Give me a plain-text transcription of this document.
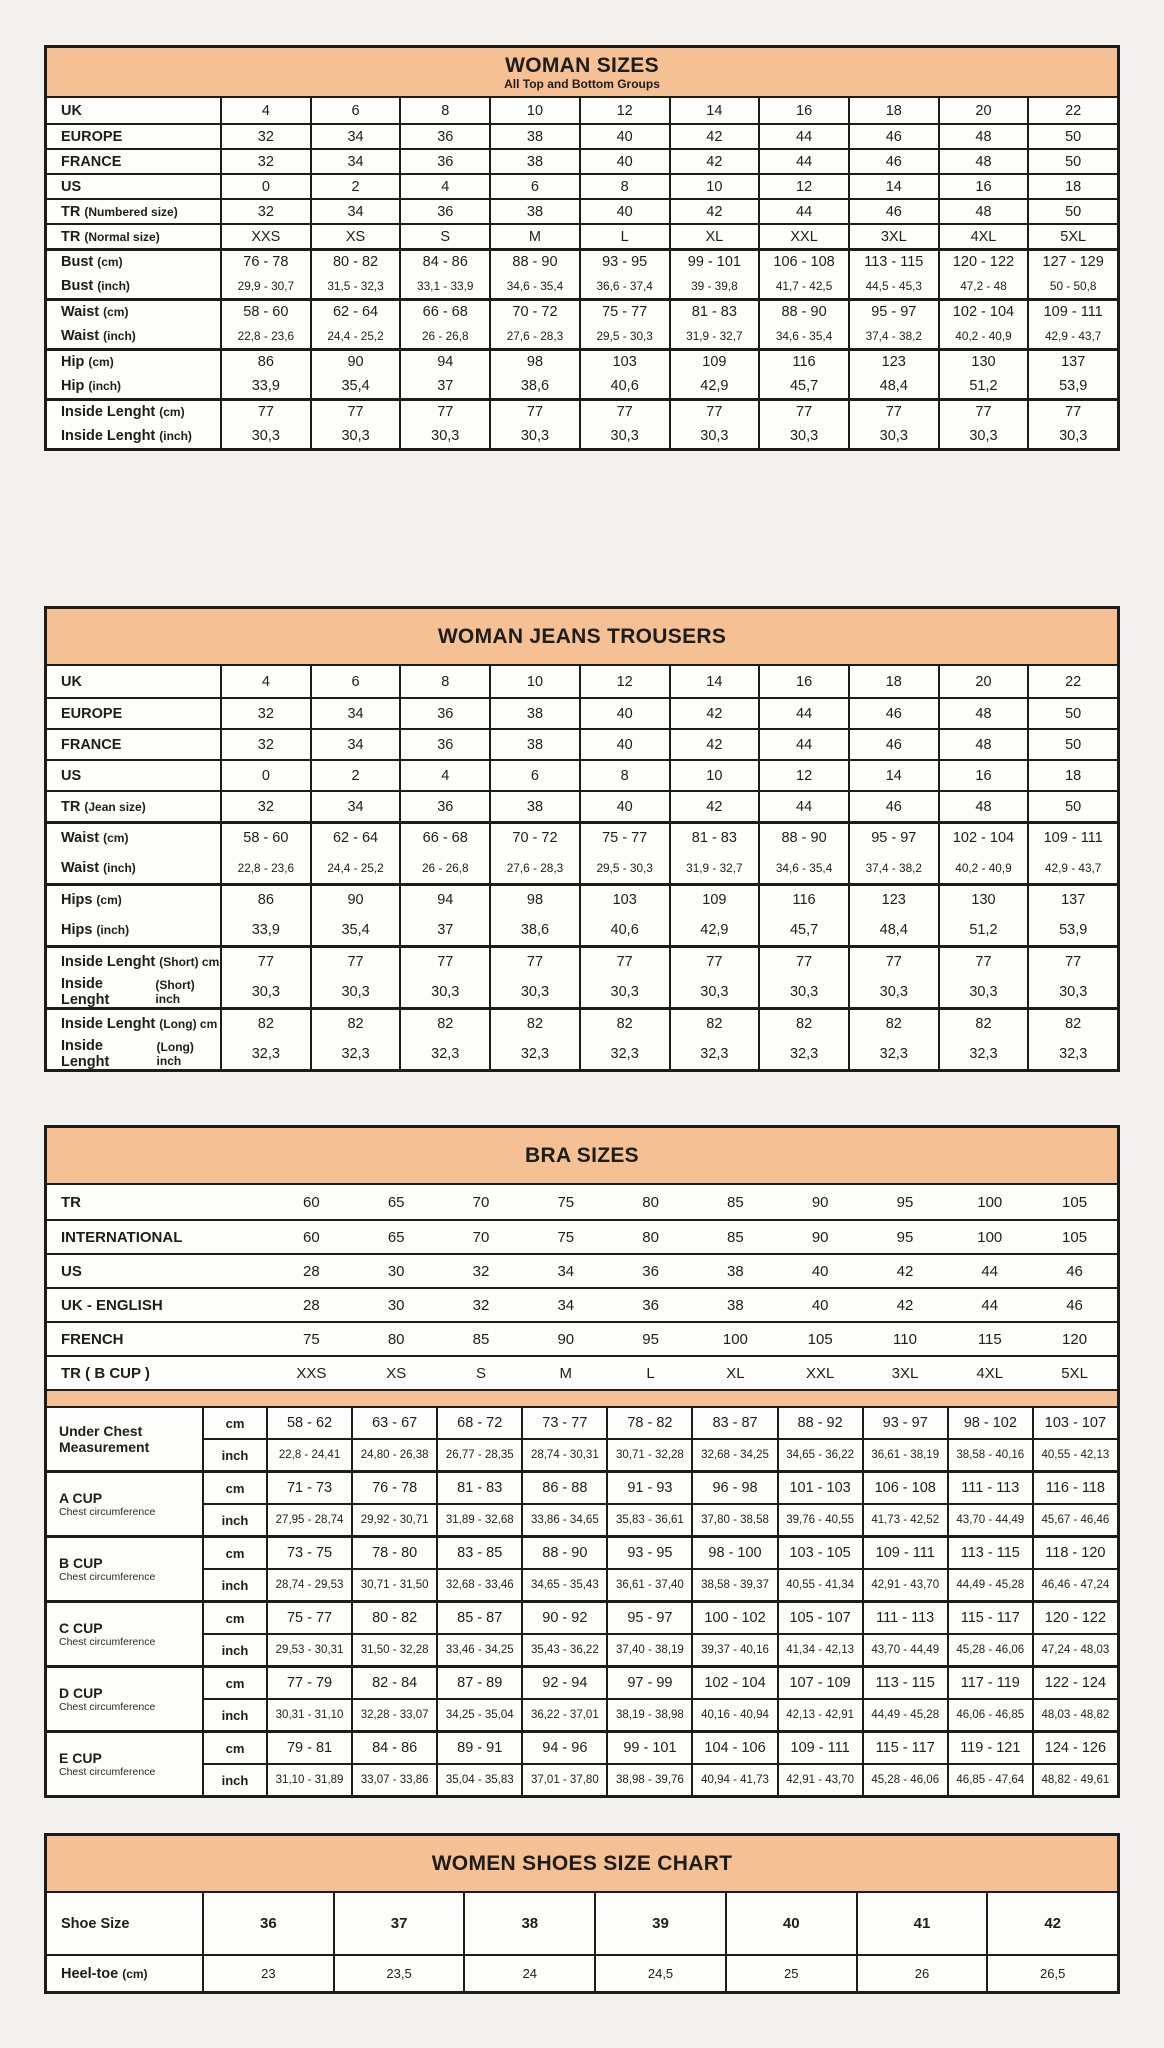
WOMAN SIZES
All Top and Bottom Groups
UK	4	6	8	10	12	14	16	18	20	22
EUROPE	32	34	36	38	40	42	44	46	48	50
FRANCE	32	34	36	38	40	42	44	46	48	50
US	0	2	4	6	8	10	12	14	16	18
TR (Numbered size)	32	34	36	38	40	42	44	46	48	50
TR (Normal size)	XXS	XS	S	M	L	XL	XXL	3XL	4XL	5XL
Bust (cm)	76 - 78	80 - 82	84 - 86	88 - 90	93 - 95	99 - 101	106 - 108	113 - 115	120 - 122	127 - 129
Bust (inch)	29,9 - 30,7	31,5 - 32,3	33,1 - 33,9	34,6 - 35,4	36,6 - 37,4	39 - 39,8	41,7 - 42,5	44,5 - 45,3	47,2 - 48	50 - 50,8
Waist (cm)	58 - 60	62 - 64	66 - 68	70 - 72	75 - 77	81 - 83	88 - 90	95 - 97	102 - 104	109 - 111
Waist (inch)	22,8 - 23,6	24,4 - 25,2	26 - 26,8	27,6 - 28,3	29,5 - 30,3	31,9 - 32,7	34,6 - 35,4	37,4 - 38,2	40,2 - 40,9	42,9 - 43,7
Hip (cm)	86	90	94	98	103	109	116	123	130	137
Hip (inch)	33,9	35,4	37	38,6	40,6	42,9	45,7	48,4	51,2	53,9
Inside Lenght (cm)	77	77	77	77	77	77	77	77	77	77
Inside Lenght (inch)	30,3	30,3	30,3	30,3	30,3	30,3	30,3	30,3	30,3	30,3
WOMAN JEANS TROUSERS
UK	4	6	8	10	12	14	16	18	20	22
EUROPE	32	34	36	38	40	42	44	46	48	50
FRANCE	32	34	36	38	40	42	44	46	48	50
US	0	2	4	6	8	10	12	14	16	18
TR (Jean size)	32	34	36	38	40	42	44	46	48	50
Waist (cm)	58 - 60	62 - 64	66 - 68	70 - 72	75 - 77	81 - 83	88 - 90	95 - 97	102 - 104	109 - 111
Waist (inch)	22,8 - 23,6	24,4 - 25,2	26 - 26,8	27,6 - 28,3	29,5 - 30,3	31,9 - 32,7	34,6 - 35,4	37,4 - 38,2	40,2 - 40,9	42,9 - 43,7
Hips (cm)	86	90	94	98	103	109	116	123	130	137
Hips (inch)	33,9	35,4	37	38,6	40,6	42,9	45,7	48,4	51,2	53,9
Inside Lenght (Short) cm	77	77	77	77	77	77	77	77	77	77
Inside Lenght
(Short) inch	30,3	30,3	30,3	30,3	30,3	30,3	30,3	30,3	30,3	30,3
Inside Lenght (Long) cm	82	82	82	82	82	82	82	82	82	82
Inside Lenght
(Long) inch	32,3	32,3	32,3	32,3	32,3	32,3	32,3	32,3	32,3	32,3
BRA SIZES
TR	60	65	70	75	80	85	90	95	100	105
INTERNATIONAL	60	65	70	75	80	85	90	95	100	105
US	28	30	32	34	36	38	40	42	44	46
UK - ENGLISH	28	30	32	34	36	38	40	42	44	46
FRENCH	75	80	85	90	95	100	105	110	115	120
TR ( B CUP )	XXS	XS	S	M	L	XL	XXL	3XL	4XL	5XL
Under Chest Measurement
cm	58 - 62	63 - 67	68 - 72	73 - 77	78 - 82	83 - 87	88 - 92	93 - 97	98 - 102	103 - 107
inch	22,8 - 24,41	24,80 - 26,38	26,77 - 28,35	28,74 - 30,31	30,71 - 32,28	32,68 - 34,25	34,65 - 36,22	36,61 - 38,19	38,58 - 40,16	40,55 - 42,13
A CUP
Chest circumference
cm	71 - 73	76 - 78	81 - 83	86 - 88	91 - 93	96 - 98	101 - 103	106 - 108	111 - 113	116 - 118
inch	27,95 - 28,74	29,92 - 30,71	31,89 - 32,68	33,86 - 34,65	35,83 - 36,61	37,80 - 38,58	39,76 - 40,55	41,73 - 42,52	43,70 - 44,49	45,67 - 46,46
B CUP
Chest circumference
cm	73 - 75	78 - 80	83 - 85	88 - 90	93 - 95	98 - 100	103 - 105	109 - 111	113 - 115	118 - 120
inch	28,74 - 29,53	30,71 - 31,50	32,68 - 33,46	34,65 - 35,43	36,61 - 37,40	38,58 - 39,37	40,55 - 41,34	42,91 - 43,70	44,49 - 45,28	46,46 - 47,24
C CUP
Chest circumference
cm	75 - 77	80 - 82	85 - 87	90 - 92	95 - 97	100 - 102	105 - 107	111 - 113	115 - 117	120 - 122
inch	29,53 - 30,31	31,50 - 32,28	33,46 - 34,25	35,43 - 36,22	37,40 - 38,19	39,37 - 40,16	41,34 - 42,13	43,70 - 44,49	45,28 - 46,06	47,24 - 48,03
D CUP
Chest circumference
cm	77 - 79	82 - 84	87 - 89	92 - 94	97 - 99	102 - 104	107 - 109	113 - 115	117 - 119	122 - 124
inch	30,31 - 31,10	32,28 - 33,07	34,25 - 35,04	36,22 - 37,01	38,19 - 38,98	40,16 - 40,94	42,13 - 42,91	44,49 - 45,28	46,06 - 46,85	48,03 - 48,82
E CUP
Chest circumference
cm	79 - 81	84 - 86	89 - 91	94 - 96	99 - 101	104 - 106	109 - 111	115 - 117	119 - 121	124 - 126
inch	31,10 - 31,89	33,07 - 33,86	35,04 - 35,83	37,01 - 37,80	38,98 - 39,76	40,94 - 41,73	42,91 - 43,70	45,28 - 46,06	46,85 - 47,64	48,82 - 49,61
WOMEN SHOES SIZE CHART
Shoe Size	36	37	38	39	40	41	42
Heel-toe (cm)	23	23,5	24	24,5	25	26	26,5
